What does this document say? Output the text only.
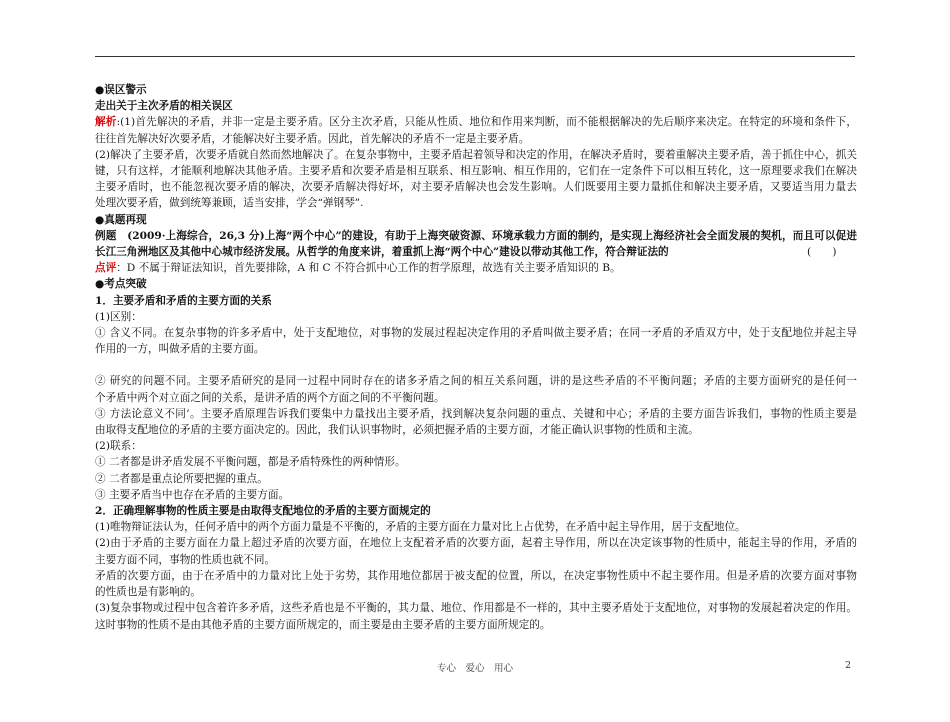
●误区警示
走出关于主次矛盾的相关误区
解析:(1)首先解决的矛盾，并非一定是主要矛盾。区分主次矛盾，只能从性质、地位和作用来判断，而不能根据解决的先后顺序来决定。在特定的环境和条件下，
往往首先解决好次要矛盾，才能解决好主要矛盾。因此，首先解决的矛盾不一定是主要矛盾。
(2)解决了主要矛盾，次要矛盾就自然而然地解决了。在复杂事物中，主要矛盾起着领导和决定的作用，在解决矛盾时，要着重解决主要矛盾，善于抓住中心，抓关
键，只有这样，才能顺利地解决其他矛盾。主要矛盾和次要矛盾是相互联系、相互影响、相互作用的，它们在一定条件下可以相互转化，这一原理要求我们在解决
主要矛盾时，也不能忽视次要矛盾的解决，次要矛盾解决得好坏，对主要矛盾解决也会发生影响。人们既要用主要力量抓住和解决主要矛盾，又要适当用力量去
处理次要矛盾，做到统筹兼顾，适当安排，学会“弹钢琴”.
●真题再现
例题　(2009·上海综合，26,3 分)上海“两个中心”的建设，有助于上海突破资源、环境承载力方面的制约，是实现上海经济社会全面发展的契机，而且可以促进
长江三角洲地区及其他中心城市经济发展。从哲学的角度来讲，着重抓上海“两个中心”建设以带动其他工作，符合辩证法的	(　　)
点评：D 不属于辩证法知识，首先要排除，A 和 C 不符合抓中心工作的哲学原理，故选有关主要矛盾知识的 B。
●考点突破
1．主要矛盾和矛盾的主要方面的关系
(1)区别：
① 含义不同。在复杂事物的许多矛盾中，处于支配地位，对事物的发展过程起决定作用的矛盾叫做主要矛盾；在同一矛盾的矛盾双方中，处于支配地位并起主导
作用的一方，叫做矛盾的主要方面。
② 研究的问题不同。主要矛盾研究的是同一过程中同时存在的诸多矛盾之间的相互关系问题，讲的是这些矛盾的不平衡问题；矛盾的主要方面研究的是任何一
个矛盾中两个对立面之间的关系，是讲矛盾的两个方面之间的不平衡问题。
③ 方法论意义不同’。主要矛盾原理告诉我们要集中力量找出主要矛盾，找到解决复杂问题的重点、关键和中心；矛盾的主要方面告诉我们，事物的性质主要是
由取得支配地位的矛盾的主要方面决定的。因此，我们认识事物时，必须把握矛盾的主要方面，才能正确认识事物的性质和主流。
(2)联系：
① 二者都是讲矛盾发展不平衡问题，都是矛盾特殊性的两种情形。
② 二者都是重点论所要把握的重点。
③ 主要矛盾当中也存在矛盾的主要方面。
2．正确理解事物的性质主要是由取得支配地位的矛盾的主要方面规定的
(1)唯物辩证法认为，任何矛盾中的两个方面力量是不平衡的，矛盾的主要方面在力量对比上占优势，在矛盾中起主导作用，居于支配地位。
(2)由于矛盾的主要方面在力量上超过矛盾的次要方面，在地位上支配着矛盾的次要方面，起着主导作用，所以在决定该事物的性质中，能起主导的作用，矛盾的
主要方面不同，事物的性质也就不同。
矛盾的次要方面，由于在矛盾中的力量对比上处于劣势，其作用地位都居于被支配的位置，所以，在决定事物性质中不起主要作用。但是矛盾的次要方面对事物
的性质也是有影响的。
(3)复杂事物或过程中包含着许多矛盾，这些矛盾也是不平衡的，其力量、地位、作用都是不一样的，其中主要矛盾处于支配地位，对事物的发展起着决定的作用。
这时事物的性质不是由其他矛盾的主要方面所规定的，而主要是由主要矛盾的主要方面所规定的。
专心　爱心　用心	2
